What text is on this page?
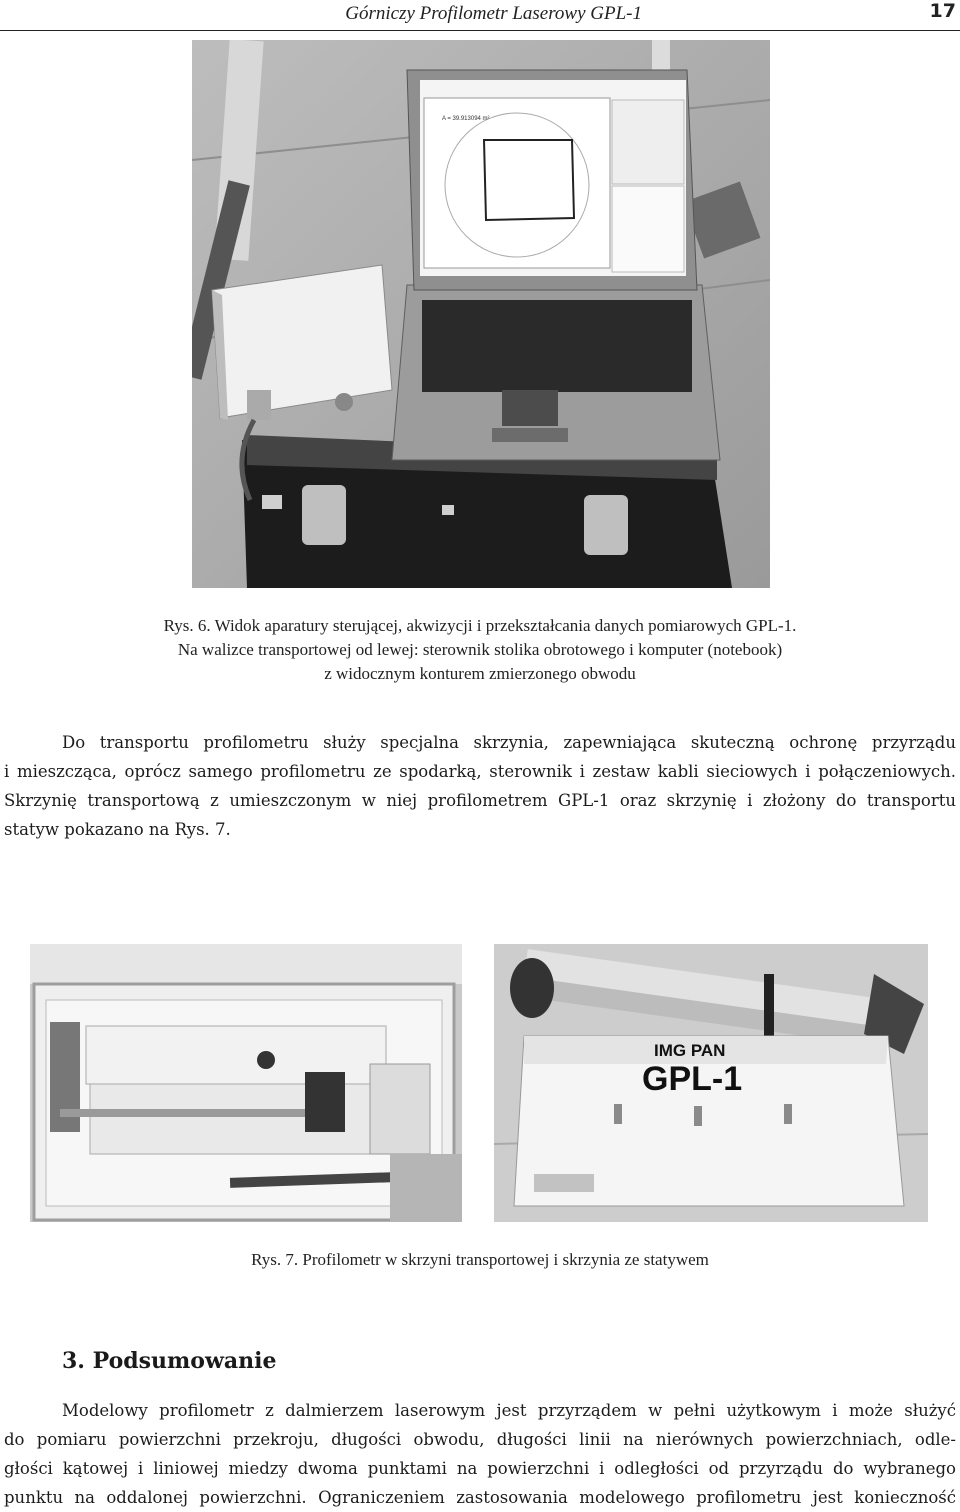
Górniczy Profilometr Laserowy GPL-1	17
A = 39.913094 m²
Rys. 6. Widok aparatury sterującej, akwizycji i przekształcania danych pomiarowych GPL-1.
Na walizce transportowej od lewej: sterownik stolika obrotowego i komputer (notebook)
z widocznym konturem zmierzonego obwodu
Do transportu profilometru służy specjalna skrzynia, zapewniająca skuteczną ochronę przyrządu
i mieszcząca, oprócz samego profilometru ze spodarką, sterownik i zestaw kabli sieciowych i połączeniowych.
Skrzynię transportową z umieszczonym w niej profilometrem GPL-1 oraz skrzynię i złożony do transportu
statyw pokazano na Rys. 7.
IMG PAN
GPL-1
Rys. 7. Profilometr w skrzyni transportowej i skrzynia ze statywem
3. Podsumowanie
Modelowy profilometr z dalmierzem laserowym jest przyrządem w pełni użytkowym i może służyć
do pomiaru powierzchni przekroju, długości obwodu, długości linii na nierównych powierzchniach, odle-
głości kątowej i liniowej miedzy dwoma punktami na powierzchni i odległości od przyrządu do wybranego
punktu na oddalonej powierzchni. Ograniczeniem zastosowania modelowego profilometru jest konieczność
